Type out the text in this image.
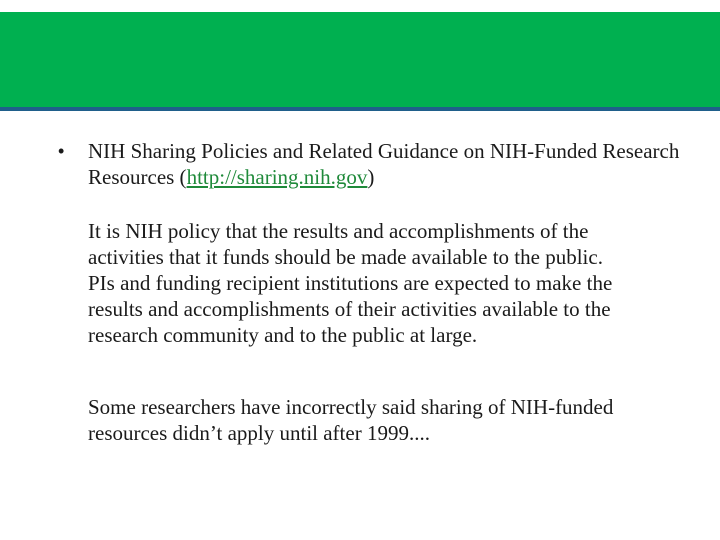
•	NIH Sharing Policies and Related Guidance on NIH-Funded Research Resources (http://sharing.nih.gov)
It is NIH policy that the results and accomplishments of the
activities that it funds should be made available to the public.
PIs and funding recipient institutions are expected to make the
results and accomplishments of their activities available to the
research community and to the public at large.
Some researchers have incorrectly said sharing of NIH-funded
resources didn’t apply until after 1999....
